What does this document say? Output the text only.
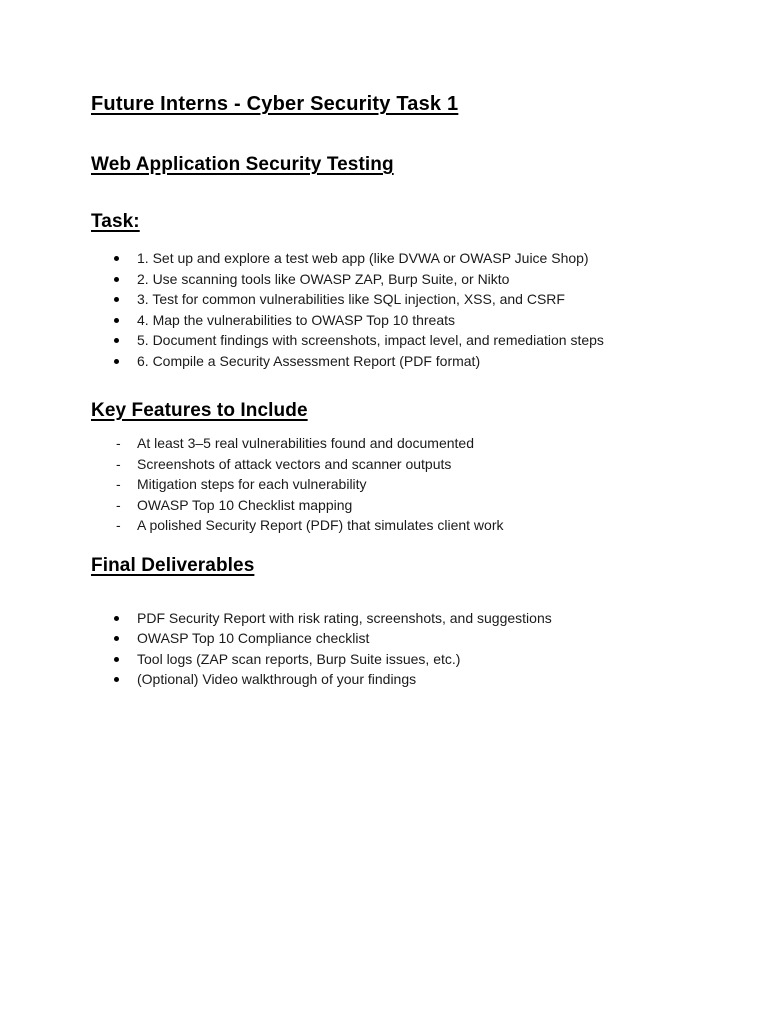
Future Interns - Cyber Security Task 1
Web Application Security Testing
Task:
1. Set up and explore a test web app (like DVWA or OWASP Juice Shop)
2. Use scanning tools like OWASP ZAP, Burp Suite, or Nikto
3. Test for common vulnerabilities like SQL injection, XSS, and CSRF
4. Map the vulnerabilities to OWASP Top 10 threats
5. Document findings with screenshots, impact level, and remediation steps
6. Compile a Security Assessment Report (PDF format)
Key Features to Include
- At least 3–5 real vulnerabilities found and documented
- Screenshots of attack vectors and scanner outputs
- Mitigation steps for each vulnerability
- OWASP Top 10 Checklist mapping
- A polished Security Report (PDF) that simulates client work
Final Deliverables
PDF Security Report with risk rating, screenshots, and suggestions
OWASP Top 10 Compliance checklist
Tool logs (ZAP scan reports, Burp Suite issues, etc.)
(Optional) Video walkthrough of your findings
